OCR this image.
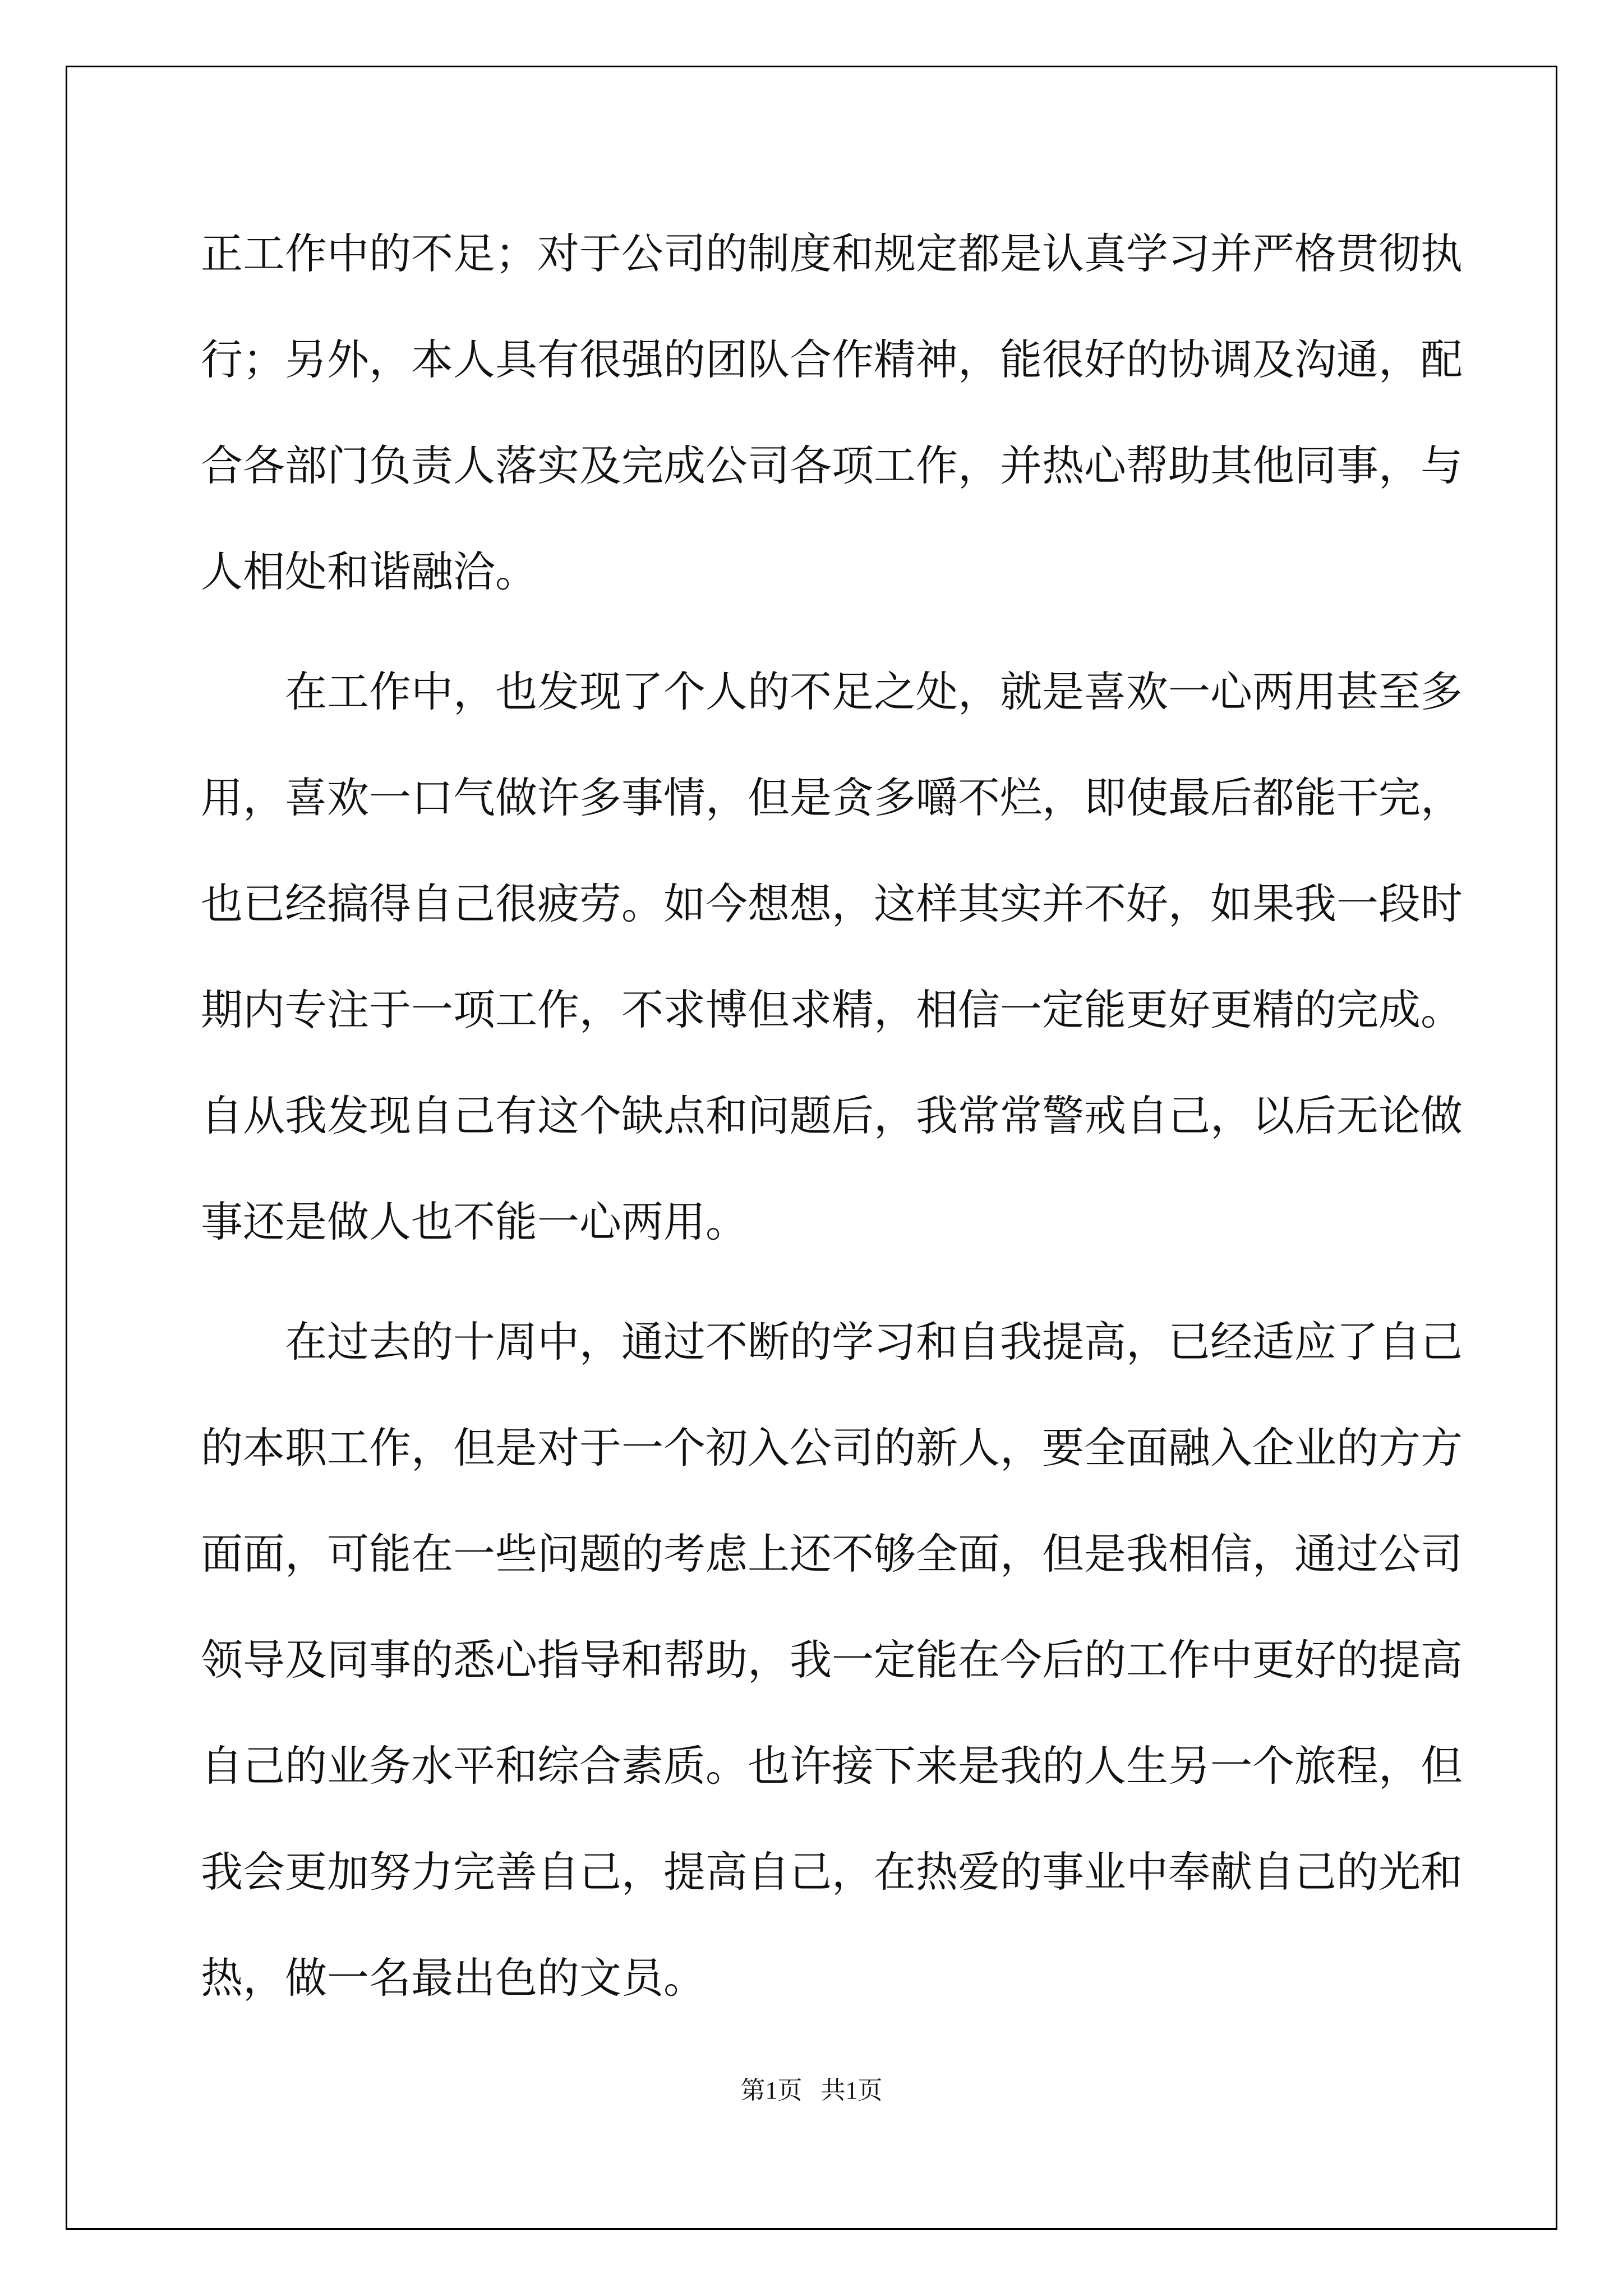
正工作中的不足；对于公司的制度和规定都是认真学习并严格贯彻执
行；另外，本人具有很强的团队合作精神，能很好的协调及沟通，配
合各部门负责人落实及完成公司各项工作，并热心帮助其他同事，与
人相处和谐融洽。
　　在工作中，也发现了个人的不足之处，就是喜欢一心两用甚至多
用，喜欢一口气做许多事情，但是贪多嚼不烂，即使最后都能干完，
也已经搞得自己很疲劳。如今想想，这样其实并不好，如果我一段时
期内专注于一项工作，不求博但求精，相信一定能更好更精的完成。
自从我发现自己有这个缺点和问题后，我常常警戒自己，以后无论做
事还是做人也不能一心两用。
　　在过去的十周中，通过不断的学习和自我提高，已经适应了自己
的本职工作，但是对于一个初入公司的新人，要全面融入企业的方方
面面，可能在一些问题的考虑上还不够全面，但是我相信，通过公司
领导及同事的悉心指导和帮助，我一定能在今后的工作中更好的提高
自己的业务水平和综合素质。也许接下来是我的人生另一个旅程，但
我会更加努力完善自己，提高自己，在热爱的事业中奉献自己的光和
热，做一名最出色的文员。
第1页   共1页
